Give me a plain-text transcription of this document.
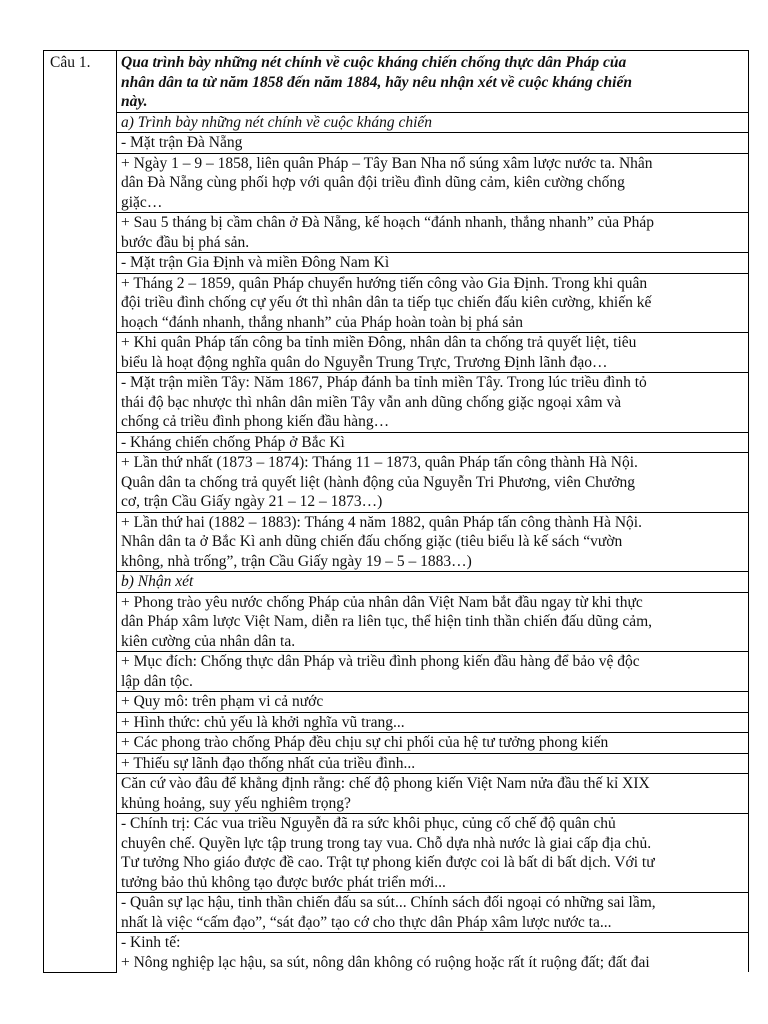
Câu 1.	Qua trình bày những nét chính về cuộc kháng chiến chống thực dân Pháp của
nhân dân ta từ năm 1858 đến năm 1884, hãy nêu nhận xét về cuộc kháng chiến
này.

a) Trình bày những nét chính về cuộc kháng chiến

- Mặt trận Đà Nẵng

+ Ngày 1 – 9 – 1858, liên quân Pháp – Tây Ban Nha nổ súng xâm lược nước ta. Nhân
dân Đà Nẵng cùng phối hợp với quân đội triều đình dũng cảm, kiên cường chống
giặc…

+ Sau 5 tháng bị cầm chân ở Đà Nẵng, kế hoạch “đánh nhanh, thắng nhanh” của Pháp
bước đầu bị phá sản.

- Mặt trận Gia Định và miền Đông Nam Kì

+ Tháng 2 – 1859, quân Pháp chuyển hướng tiến công vào Gia Định. Trong khi quân
đội triều đình chống cự yếu ớt thì nhân dân ta tiếp tục chiến đấu kiên cường, khiến kế
hoạch “đánh nhanh, thắng nhanh” của Pháp hoàn toàn bị phá sản

+ Khi quân Pháp tấn công ba tỉnh miền Đông, nhân dân ta chống trả quyết liệt, tiêu
biểu là hoạt động nghĩa quân do Nguyễn Trung Trực, Trương Định lãnh đạo…

- Mặt trận miền Tây: Năm 1867, Pháp đánh ba tỉnh miền Tây. Trong lúc triều đình tỏ
thái độ bạc nhược thì nhân dân miền Tây vẫn anh dũng chống giặc ngoại xâm và
chống cả triều đình phong kiến đầu hàng…

- Kháng chiến chống Pháp ở Bắc Kì

+ Lần thứ nhất (1873 – 1874): Tháng 11 – 1873, quân Pháp tấn công thành Hà Nội.
Quân dân ta chống trả quyết liệt (hành động của Nguyễn Tri Phương, viên Chưởng
cơ, trận Cầu Giấy ngày 21 – 12 – 1873…)

+ Lần thứ hai (1882 – 1883): Tháng 4 năm 1882, quân Pháp tấn công thành Hà Nội.
Nhân dân ta ở Bắc Kì anh dũng chiến đấu chống giặc (tiêu biểu là kế sách “vườn
không, nhà trống”, trận Cầu Giấy ngày 19 – 5 – 1883…)

b) Nhận xét

+ Phong trào yêu nước chống Pháp của nhân dân Việt Nam bắt đầu ngay từ khi thực
dân Pháp xâm lược Việt Nam, diễn ra liên tục, thể hiện tinh thần chiến đấu dũng cảm,
kiên cường của nhân dân ta.

+ Mục đích: Chống thực dân Pháp và triều đình phong kiến đầu hàng để bảo vệ độc
lập dân tộc.

+ Quy mô: trên phạm vi cả nước

+ Hình thức: chủ yếu là khởi nghĩa vũ trang...

+ Các phong trào chống Pháp đều chịu sự chi phối của hệ tư tưởng phong kiến

+ Thiếu sự lãnh đạo thống nhất của triều đình...

Căn cứ vào đâu để khẳng định rằng: chế độ phong kiến Việt Nam nửa đầu thế kỉ XIX
khủng hoảng, suy yếu nghiêm trọng?

- Chính trị: Các vua triều Nguyễn đã ra sức khôi phục, củng cố chế độ quân chủ
chuyên chế. Quyền lực tập trung trong tay vua. Chỗ dựa nhà nước là giai cấp địa chủ.
Tư tưởng Nho giáo được đề cao. Trật tự phong kiến được coi là bất di bất dịch. Với tư
tưởng bảo thủ không tạo được bước phát triển mới...

- Quân sự lạc hậu, tinh thần chiến đấu sa sút... Chính sách đối ngoại có những sai lầm,
nhất là việc “cấm đạo”, “sát đạo” tạo cớ cho thực dân Pháp xâm lược nước ta...

- Kinh tế:
+ Nông nghiệp lạc hậu, sa sút, nông dân không có ruộng hoặc rất ít ruộng đất; đất đai
